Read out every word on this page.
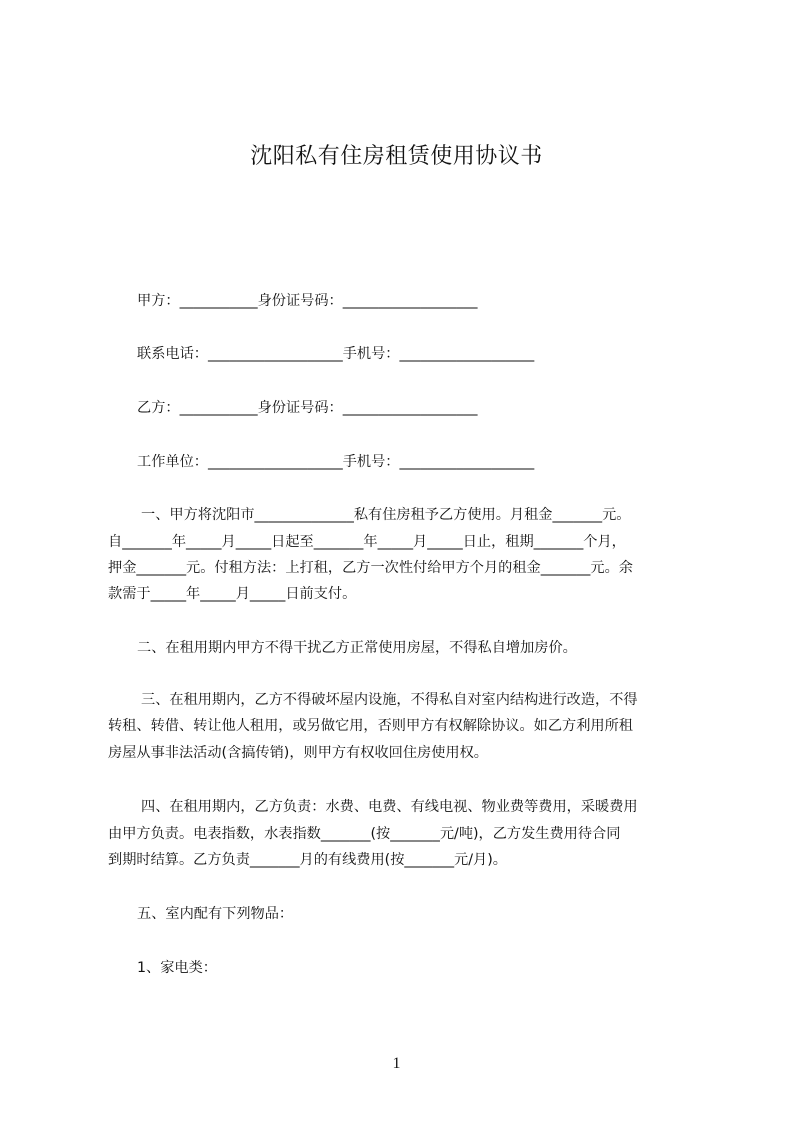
沈阳私有住房租赁使用协议书
甲方：___________身份证号码：___________________
联系电话：___________________手机号：___________________
乙方：___________身份证号码：___________________
工作单位：___________________手机号：___________________
一、甲方将沈阳市______________私有住房租予乙方使用。月租金_______元。
自_______年_____月_____日起至_______年_____月_____日止，租期_______个月，
押金_______元。付租方法：上打租，乙方一次性付给甲方个月的租金_______元。余
款需于_____年_____月_____日前支付。
二、在租用期内甲方不得干扰乙方正常使用房屋，不得私自增加房价。
三、在租用期内，乙方不得破坏屋内设施，不得私自对室内结构进行改造，不得
转租、转借、转让他人租用，或另做它用，否则甲方有权解除协议。如乙方利用所租
房屋从事非法活动(含搞传销)，则甲方有权收回住房使用权。
四、在租用期内，乙方负责：水费、电费、有线电视、物业费等费用，采暖费用
由甲方负责。电表指数，水表指数_______(按_______元/吨)，乙方发生费用待合同
到期时结算。乙方负责_______月的有线费用(按_______元/月)。
五、室内配有下列物品：
1、家电类：
1
